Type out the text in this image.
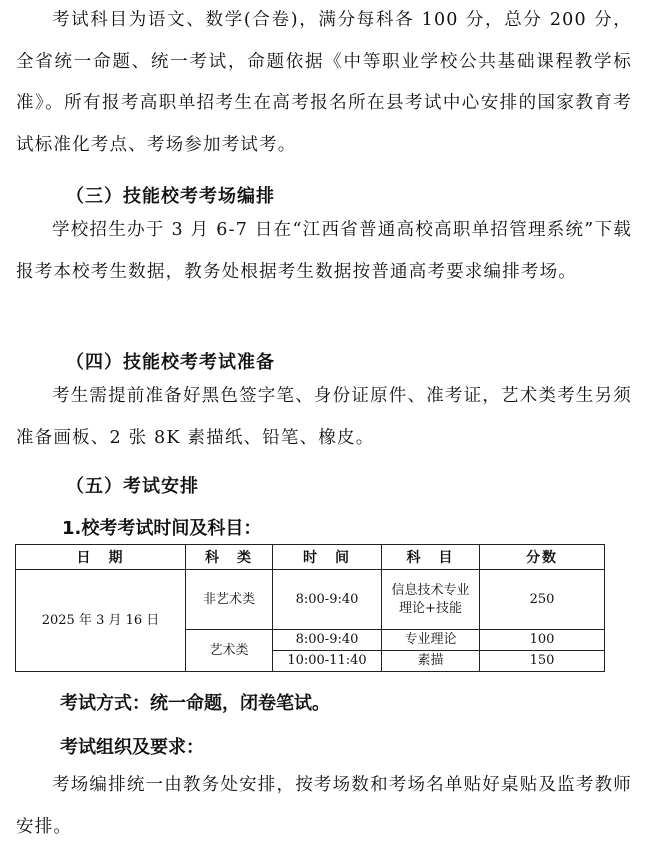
考试科目为语文、数学(合卷)，满分每科各 100 分，总分 200 分，全省统一命题、统一考试，命题依据《中等职业学校公共基础课程教学标准》。所有报考高职单招考生在高考报名所在县考试中心安排的国家教育考试标准化考点、考场参加考试考。
（三）技能校考考场编排
学校招生办于 3 月 6-7 日在“江西省普通高校高职单招管理系统”下载报考本校考生数据，教务处根据考生数据按普通高考要求编排考场。
（四）技能校考考试准备
考生需提前准备好黑色签字笔、身份证原件、准考证，艺术类考生另须准备画板、2 张 8K 素描纸、铅笔、橡皮。
（五）考试安排
1.校考考试时间及科目：
日　期	科　类	时　间	科　目	分数
2025 年 3 月 16 日	非艺术类	8:00-9:40	信息技术专业理论+技能	250
	艺术类	8:00-9:40	专业理论	100
		10:00-11:40	素描	150
考试方式：统一命题，闭卷笔试。
考试组织及要求：
考场编排统一由教务处安排，按考场数和考场名单贴好桌贴及监考教师安排。
